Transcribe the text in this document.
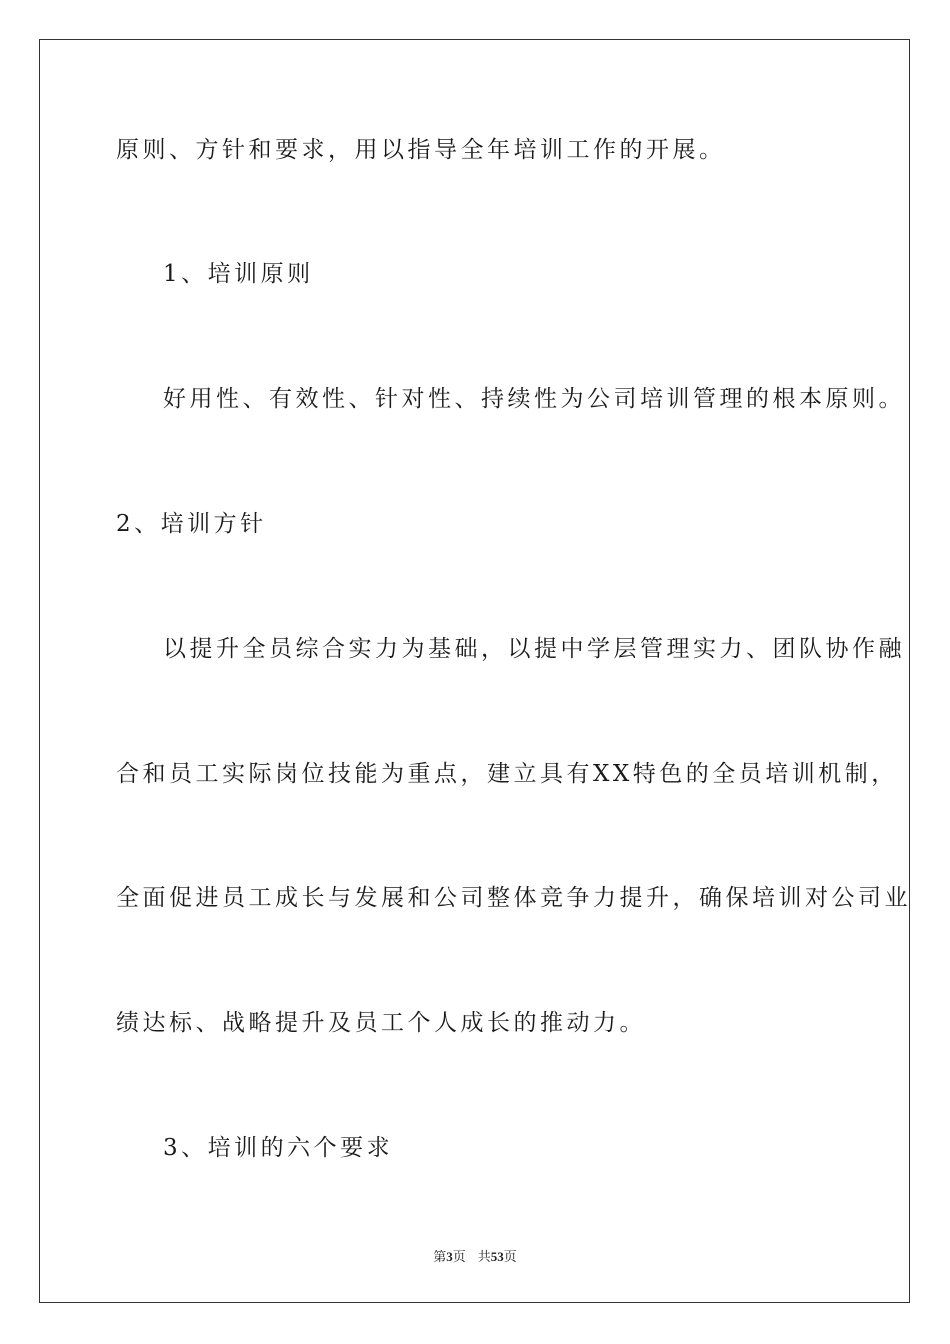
原则、方针和要求，用以指导全年培训工作的开展。
1、培训原则
好用性、有效性、针对性、持续性为公司培训管理的根本原则。
2、培训方针
以提升全员综合实力为基础，以提中学层管理实力、团队协作融
合和员工实际岗位技能为重点，建立具有XX特色的全员培训机制，
全面促进员工成长与发展和公司整体竞争力提升，确保培训对公司业
绩达标、战略提升及员工个人成长的推动力。
3、培训的六个要求
第3页 共53页
